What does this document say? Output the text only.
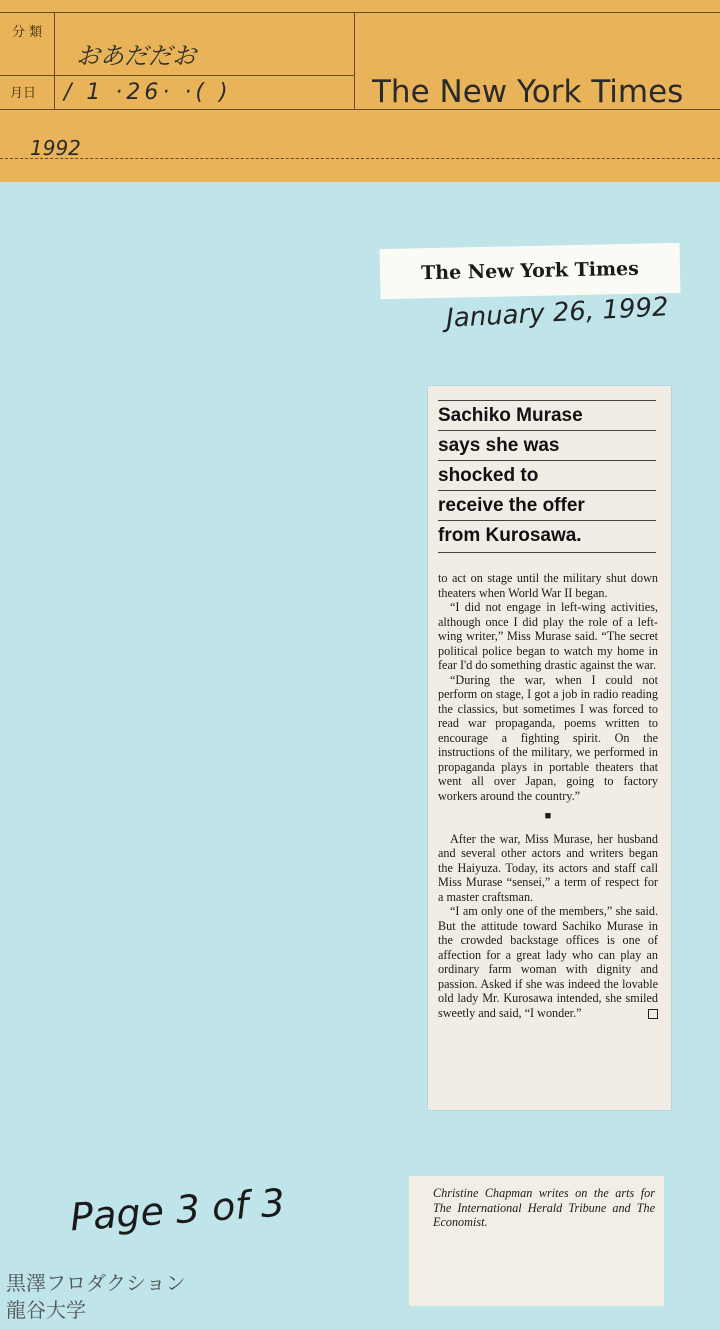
分 類
おあだだお
月日 / 1 ·26· ·( )	The New York Times
1992
The New York Times
January 26, 1992
Sachiko Murase
says she was
shocked to
receive the offer
from Kurosawa.

to act on stage until the military shut down theaters when World War II began.

“I did not engage in left-wing activities, although once I did play the role of a left-wing writer,” Miss Murase said. “The secret political police began to watch my home in fear I'd do something drastic against the war.

“During the war, when I could not perform on stage, I got a job in radio reading the classics, but sometimes I was forced to read war propaganda, poems written to encourage a fighting spirit. On the instructions of the military, we performed in propaganda plays in portable theaters that went all over Japan, going to factory workers around the country.”

■

After the war, Miss Murase, her husband and several other actors and writers began the Haiyuza. Today, its actors and staff call Miss Murase “sensei,” a term of respect for a master craftsman.

“I am only one of the members,” she said. But the attitude toward Sachiko Murase in the crowded backstage offices is one of affection for a great lady who can play an ordinary farm woman with dignity and passion. Asked if she was indeed the lovable old lady Mr. Kurosawa intended, she smiled sweetly and said, “I wonder.”

Christine Chapman writes on the arts for The International Herald Tribune and The Economist.
Page 3 of 3
黒澤フロダクション
龍谷大学
